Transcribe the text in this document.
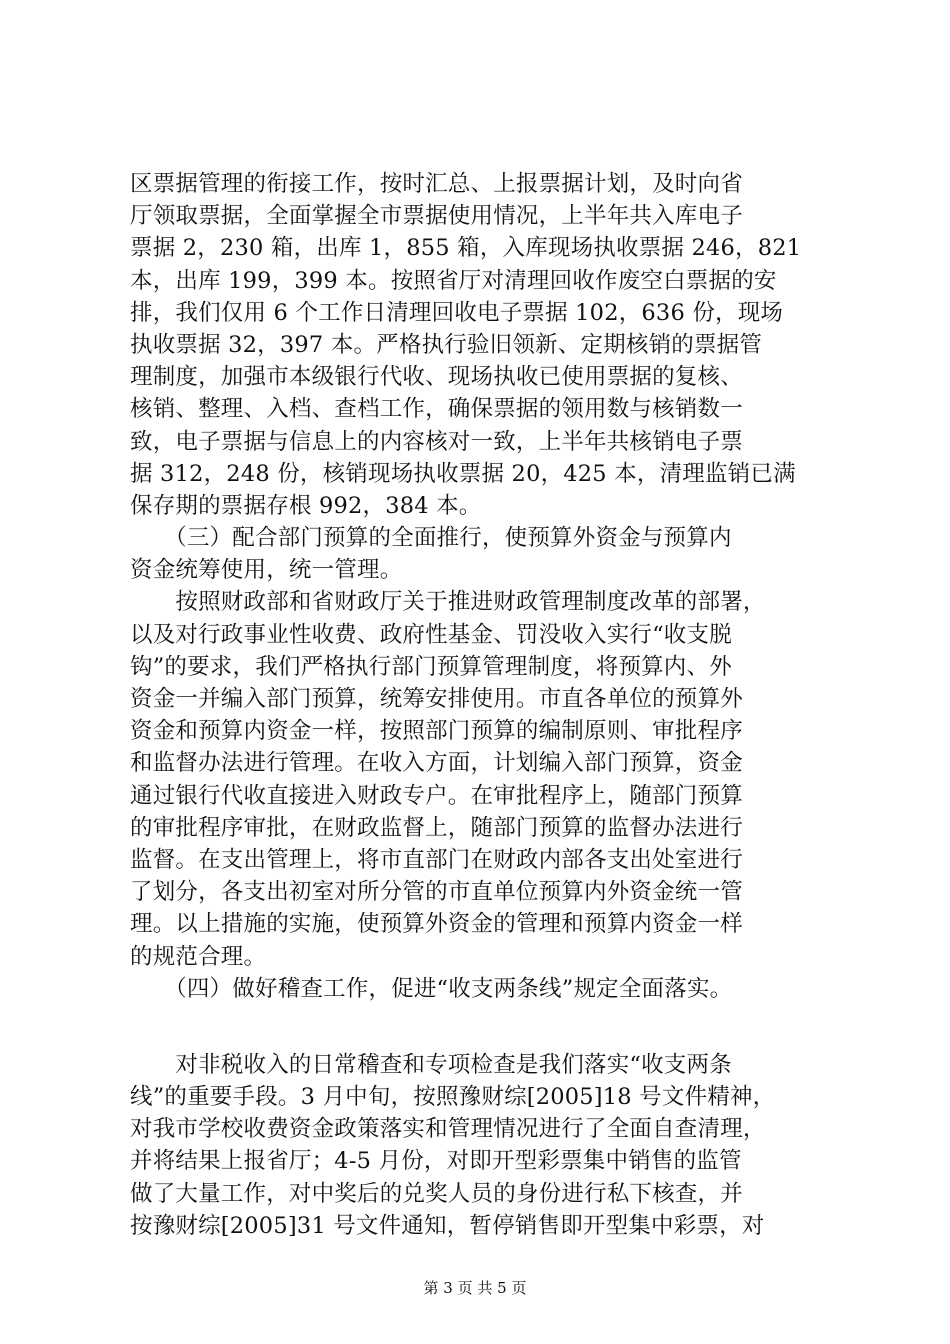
区票据管理的衔接工作，按时汇总、上报票据计划，及时向省
厅领取票据，全面掌握全市票据使用情况，上半年共入库电子
票据 2，230 箱，出库 1，855 箱，入库现场执收票据 246，821
本，出库 199，399 本。按照省厅对清理回收作废空白票据的安
排，我们仅用 6 个工作日清理回收电子票据 102，636 份，现场
执收票据 32，397 本。严格执行验旧领新、定期核销的票据管
理制度，加强市本级银行代收、现场执收已使用票据的复核、
核销、整理、入档、查档工作，确保票据的领用数与核销数一
致，电子票据与信息上的内容核对一致，上半年共核销电子票
据 312，248 份，核销现场执收票据 20，425 本，清理监销已满
保存期的票据存根 992，384 本。
　　（三）配合部门预算的全面推行，使预算外资金与预算内
资金统筹使用，统一管理。
　　按照财政部和省财政厅关于推进财政管理制度改革的部署，
以及对行政事业性收费、政府性基金、罚没收入实行“收支脱
钩”的要求，我们严格执行部门预算管理制度，将预算内、外
资金一并编入部门预算，统筹安排使用。市直各单位的预算外
资金和预算内资金一样，按照部门预算的编制原则、审批程序
和监督办法进行管理。在收入方面，计划编入部门预算，资金
通过银行代收直接进入财政专户。在审批程序上，随部门预算
的审批程序审批，在财政监督上，随部门预算的监督办法进行
监督。在支出管理上，将市直部门在财政内部各支出处室进行
了划分，各支出初室对所分管的市直单位预算内外资金统一管
理。以上措施的实施，使预算外资金的管理和预算内资金一样
的规范合理。
　　（四）做好稽查工作，促进“收支两条线”规定全面落实。
　　对非税收入的日常稽查和专项检查是我们落实“收支两条
线”的重要手段。3 月中旬，按照豫财综[2005]18 号文件精神，
对我市学校收费资金政策落实和管理情况进行了全面自查清理，
并将结果上报省厅；4-5 月份，对即开型彩票集中销售的监管
做了大量工作，对中奖后的兑奖人员的身份进行私下核查，并
按豫财综[2005]31 号文件通知，暂停销售即开型集中彩票，对
第 3 页 共 5 页
